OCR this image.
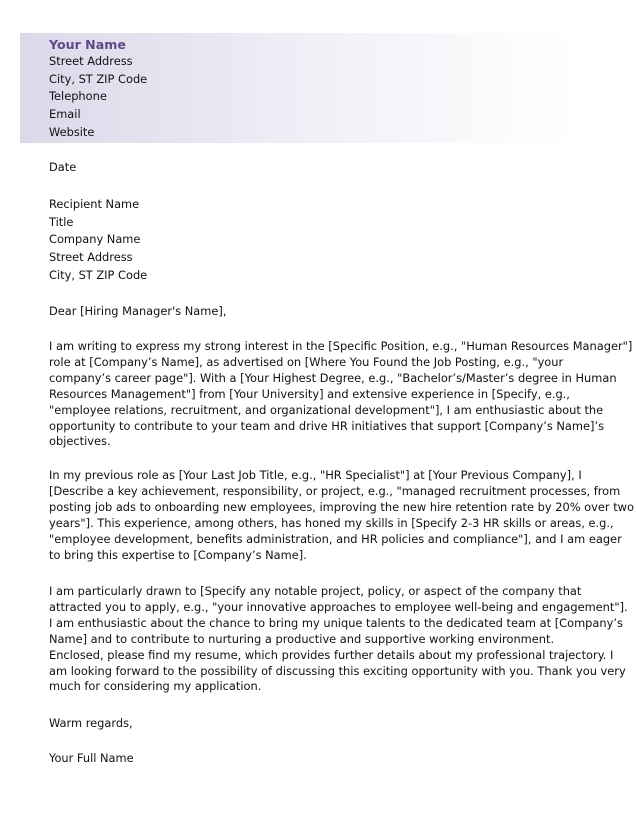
Your Name
Street Address
City, ST ZIP Code
Telephone
Email
Website
Date
Recipient Name
Title
Company Name
Street Address
City, ST ZIP Code
Dear [Hiring Manager's Name],
I am writing to express my strong interest in the [Specific Position, e.g., "Human Resources Manager"]
role at [Company’s Name], as advertised on [Where You Found the Job Posting, e.g., "your
company’s career page"]. With a [Your Highest Degree, e.g., "Bachelor’s/Master’s degree in Human
Resources Management"] from [Your University] and extensive experience in [Specify, e.g.,
"employee relations, recruitment, and organizational development"], I am enthusiastic about the
opportunity to contribute to your team and drive HR initiatives that support [Company’s Name]’s
objectives.
In my previous role as [Your Last Job Title, e.g., "HR Specialist"] at [Your Previous Company], I
[Describe a key achievement, responsibility, or project, e.g., "managed recruitment processes, from
posting job ads to onboarding new employees, improving the new hire retention rate by 20% over two
years"]. This experience, among others, has honed my skills in [Specify 2-3 HR skills or areas, e.g.,
"employee development, benefits administration, and HR policies and compliance"], and I am eager
to bring this expertise to [Company’s Name].
I am particularly drawn to [Specify any notable project, policy, or aspect of the company that
attracted you to apply, e.g., "your innovative approaches to employee well-being and engagement"].
I am enthusiastic about the chance to bring my unique talents to the dedicated team at [Company’s
Name] and to contribute to nurturing a productive and supportive working environment.
Enclosed, please find my resume, which provides further details about my professional trajectory. I
am looking forward to the possibility of discussing this exciting opportunity with you. Thank you very
much for considering my application.
Warm regards,
Your Full Name
